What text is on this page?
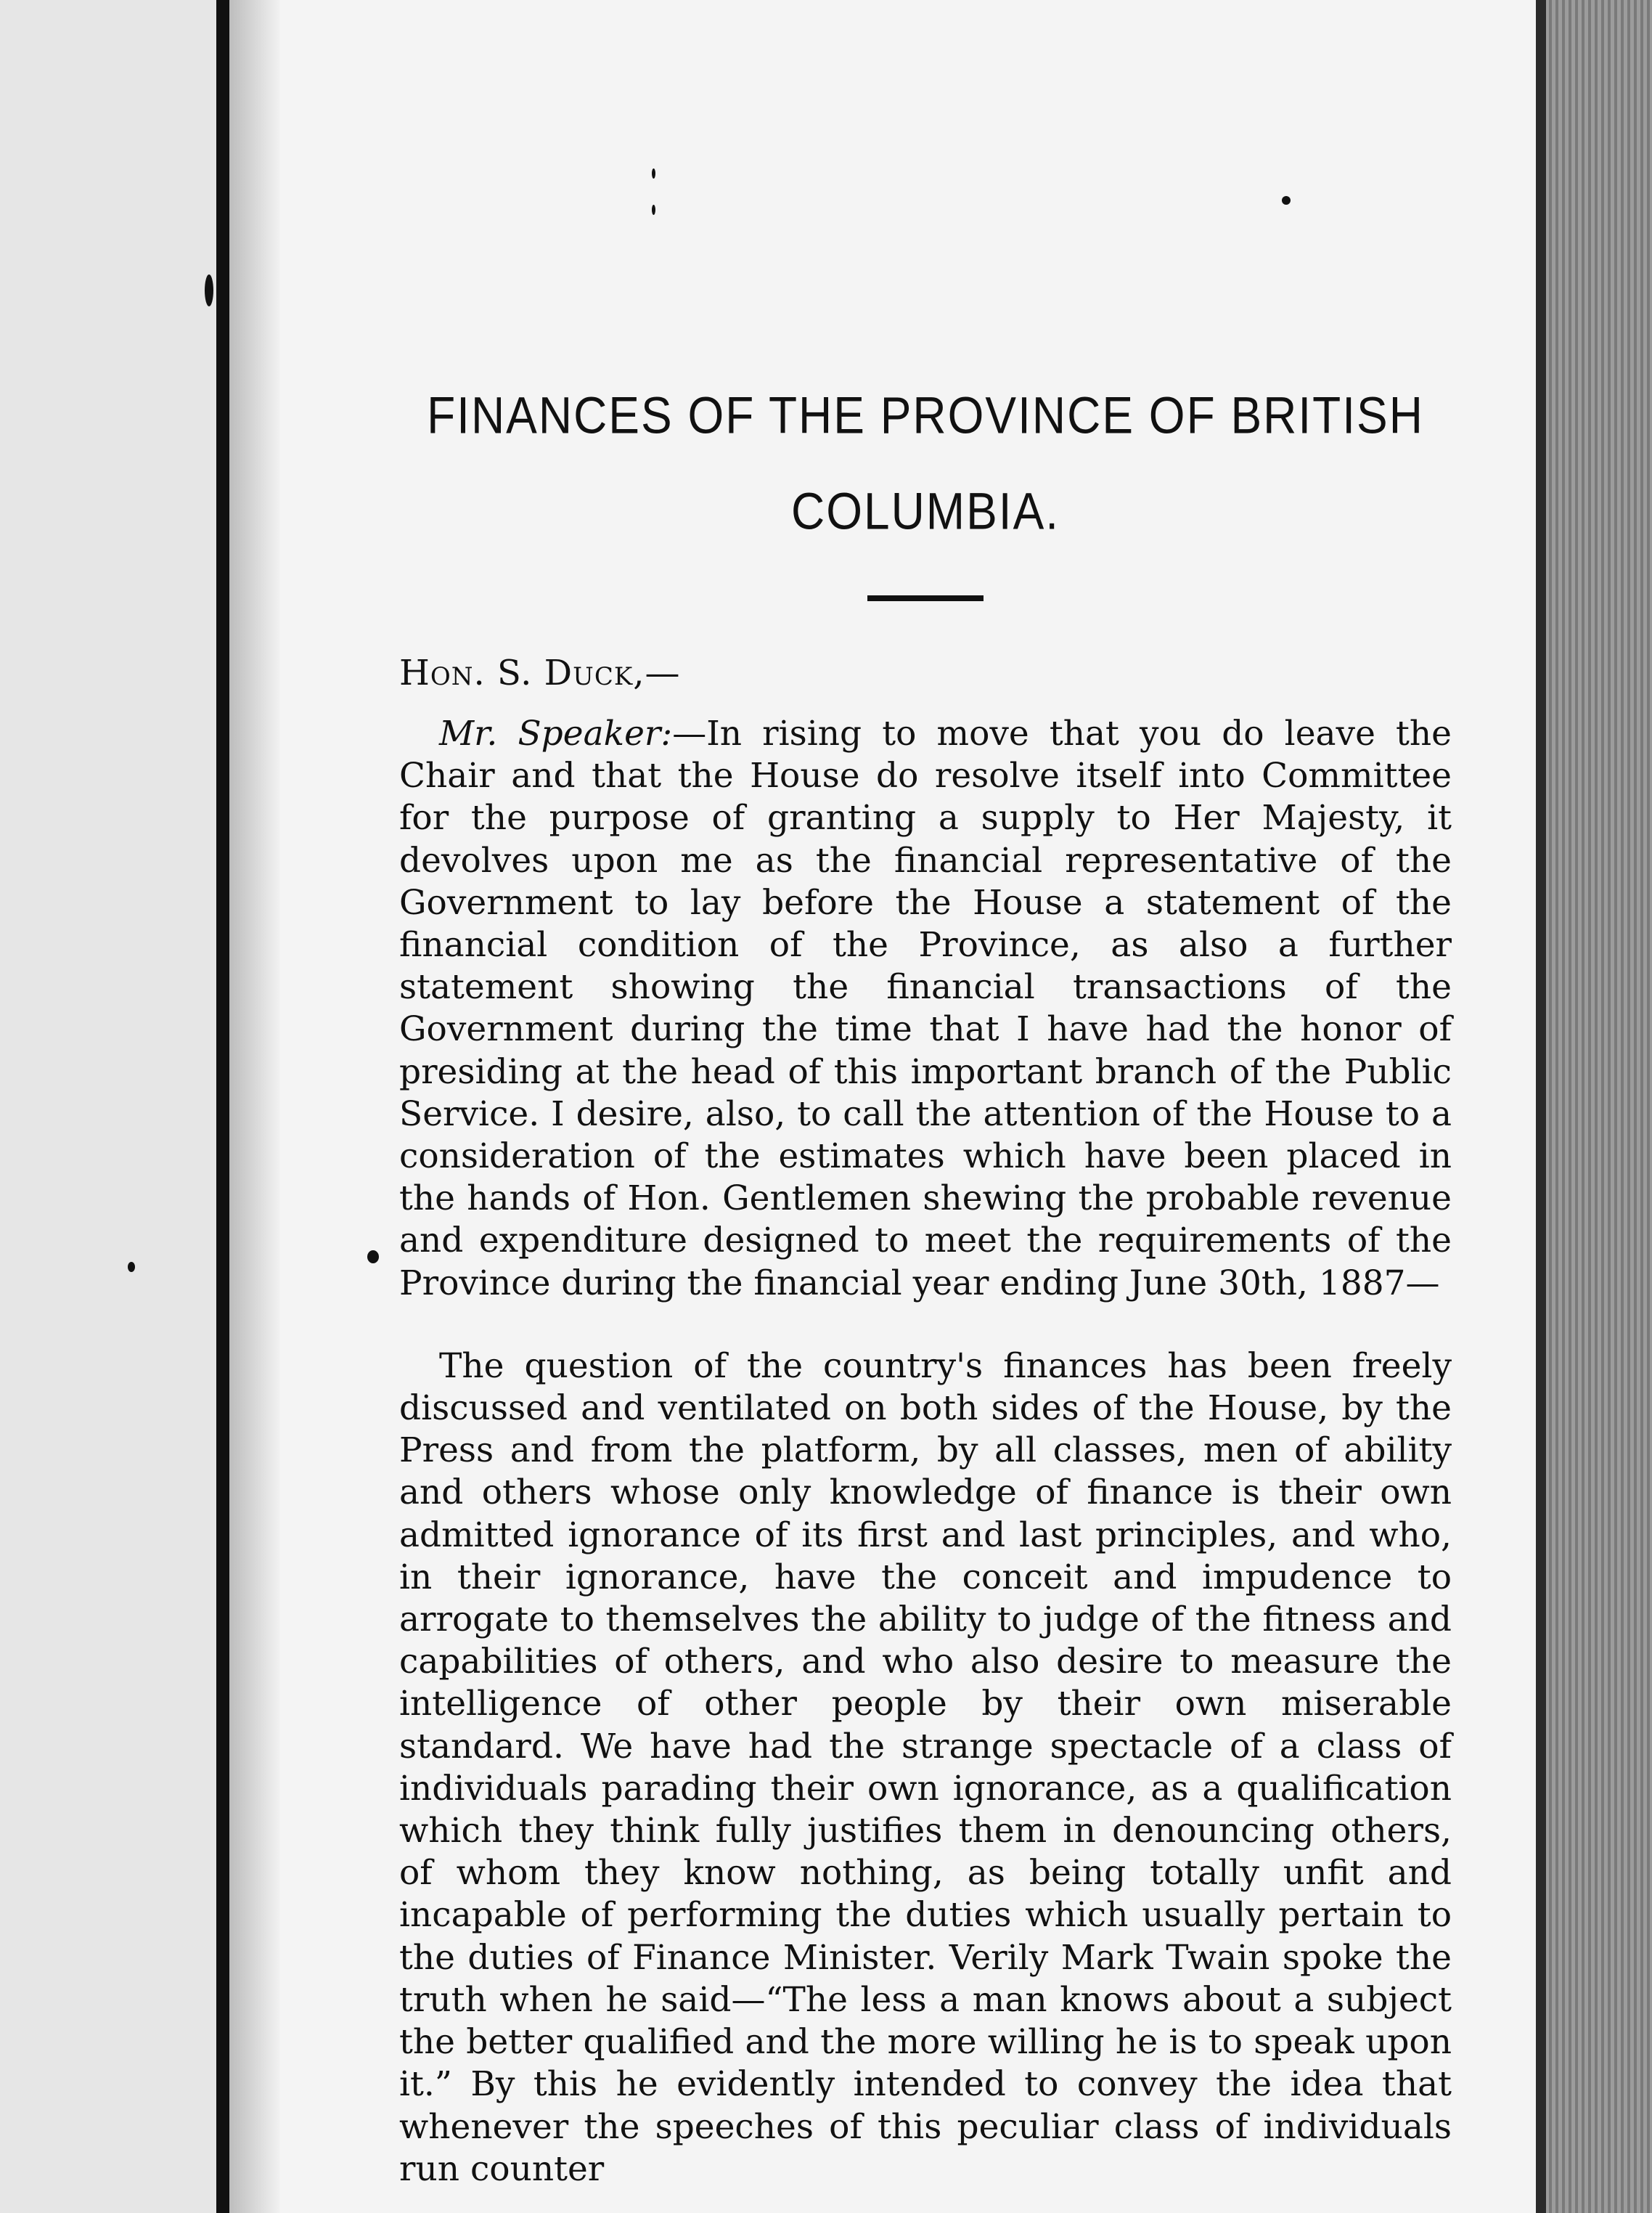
FINANCES OF THE PROVINCE OF BRITISH
COLUMBIA.
Hon. S. Duck,—
Mr. Speaker:—In rising to move that you do leave the Chair and that the House do resolve itself into Committee for the purpose of granting a supply to Her Majesty, it devolves upon me as the financial representative of the Government to lay before the House a statement of the financial condition of the Province, as also a further statement showing the financial transactions of the Government during the time that I have had the honor of presiding at the head of this important branch of the Public Service. I desire, also, to call the attention of the House to a consideration of the estimates which have been placed in the hands of Hon. Gentlemen shewing the probable revenue and expenditure designed to meet the requirements of the Province during the financial year ending June 30th, 1887—
The question of the country's finances has been freely discussed and ventilated on both sides of the House, by the Press and from the platform, by all classes, men of ability and others whose only knowledge of finance is their own admitted ignorance of its first and last principles, and who, in their ignorance, have the conceit and impudence to arrogate to themselves the ability to judge of the fitness and capabilities of others, and who also desire to measure the intelligence of other people by their own miserable standard. We have had the strange spectacle of a class of individuals parading their own ignorance, as a qualification which they think fully justifies them in denouncing others, of whom they know nothing, as being totally unfit and incapable of performing the duties which usually pertain to the duties of Finance Minister. Verily Mark Twain spoke the truth when he said—“The less a man knows about a subject the better qualified and the more willing he is to speak upon it.” By this he evidently intended to convey the idea that whenever the speeches of this peculiar class of individuals run counter
